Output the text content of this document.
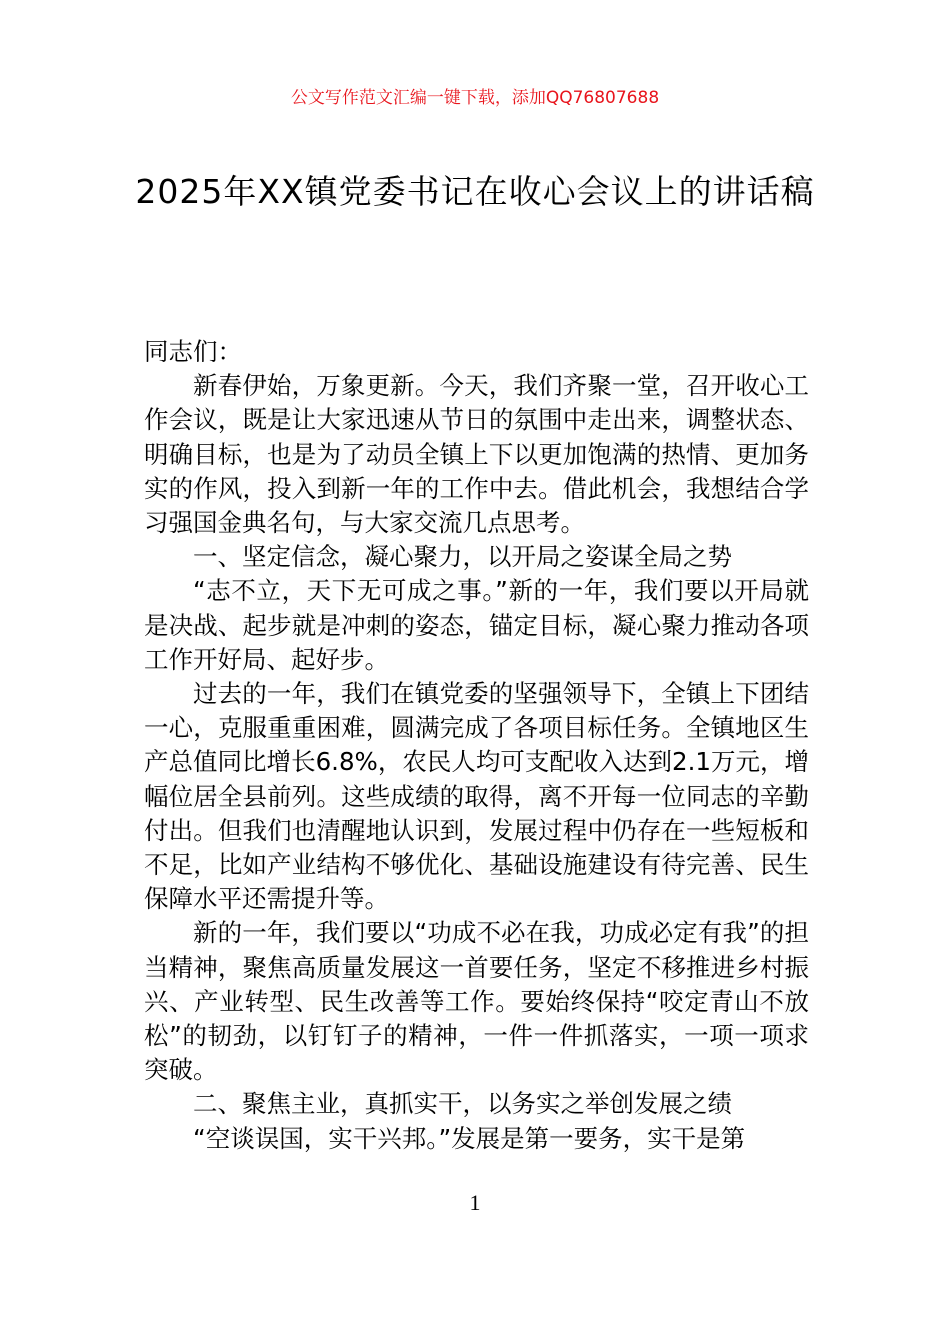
公文写作范文汇编一键下载，添加QQ76807688
2025年XX镇党委书记在收心会议上的讲话稿

同志们：

新春伊始，万象更新。今天，我们齐聚一堂，召开收心工作会议，既是让大家迅速从节日的氛围中走出来，调整状态、明确目标，也是为了动员全镇上下以更加饱满的热情、更加务实的作风，投入到新一年的工作中去。借此机会，我想结合学习强国金典名句，与大家交流几点思考。

一、坚定信念，凝心聚力，以开局之姿谋全局之势

“志不立，天下无可成之事。”新的一年，我们要以开局就是决战、起步就是冲刺的姿态，锚定目标，凝心聚力推动各项工作开好局、起好步。

过去的一年，我们在镇党委的坚强领导下，全镇上下团结一心，克服重重困难，圆满完成了各项目标任务。全镇地区生产总值同比增长6.8%，农民人均可支配收入达到2.1万元，增幅位居全县前列。这些成绩的取得，离不开每一位同志的辛勤付出。但我们也清醒地认识到，发展过程中仍存在一些短板和不足，比如产业结构不够优化、基础设施建设有待完善、民生保障水平还需提升等。

新的一年，我们要以“功成不必在我，功成必定有我”的担当精神，聚焦高质量发展这一首要任务，坚定不移推进乡村振兴、产业转型、民生改善等工作。要始终保持“咬定青山不放松”的韧劲，以钉钉子的精神，一件一件抓落实，一项一项求突破。

二、聚焦主业，真抓实干，以务实之举创发展之绩

“空谈误国，实干兴邦。”发展是第一要务，实干是第

1
